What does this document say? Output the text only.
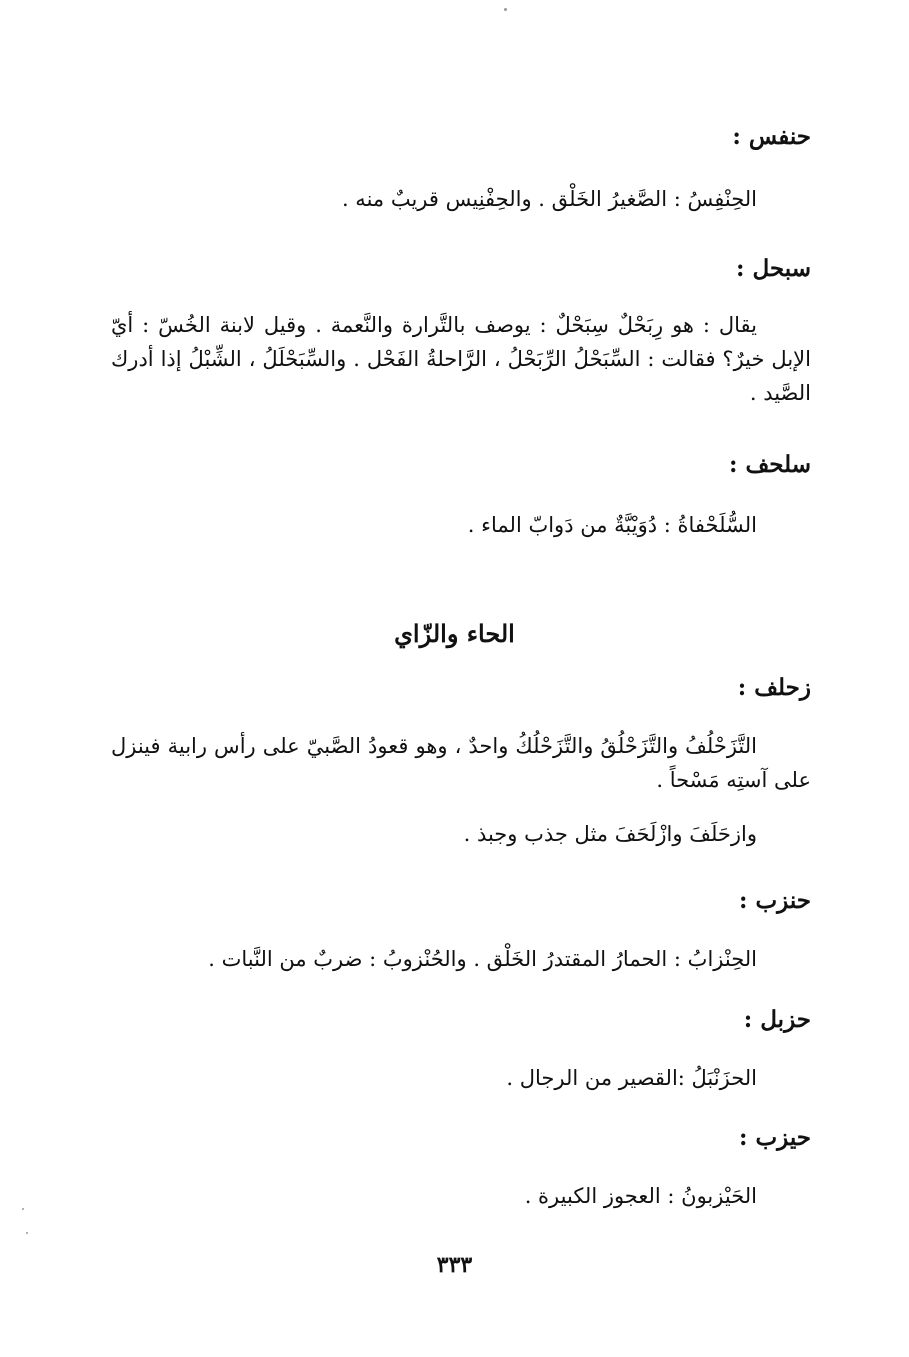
حنفس :
الحِنْفِسُ : الصَّغيرُ الخَلْق . والحِفْنِيس قريبٌ منه .
سبحل :
يقال : هو رِبَحْلٌ سِبَحْلٌ : يوصف بالتَّرارة والنَّعمة . وقيل لابنة الخُسّ : أيّ الإبل خيرٌ؟ فقالت : السِّبَحْلُ الرِّبَحْلُ ، الرَّاحلةُ الفَحْل . والسِّبَحْلَلُ ، الشِّبْلُ إذا أدرك الصَّيد .
سلحف :
السُّلَحْفاةُ : دُوَيْبَّةٌ من دَوابّ الماء .
الحاء والزّاي
زحلف :
التَّزَحْلُفُ والتَّزَحْلُقُ والتَّزَحْلُكُ واحدٌ ، وهو قعودُ الصَّبيّ على رأس رابية فينزل على آستِه مَسْحاً .
وازحَلَفَ وازْلَحَفَ مثل جذب وجبذ .
حنزب :
الحِنْزابُ : الحمارُ المقتدرُ الخَلْق . والحُنْزوبُ : ضربٌ من النَّبات .
حزبل :
الحزَنْبَلُ :القصير من الرجال .
حيزب :
الحَيْزبونُ : العجوز الكبيرة .
٣٣٣
